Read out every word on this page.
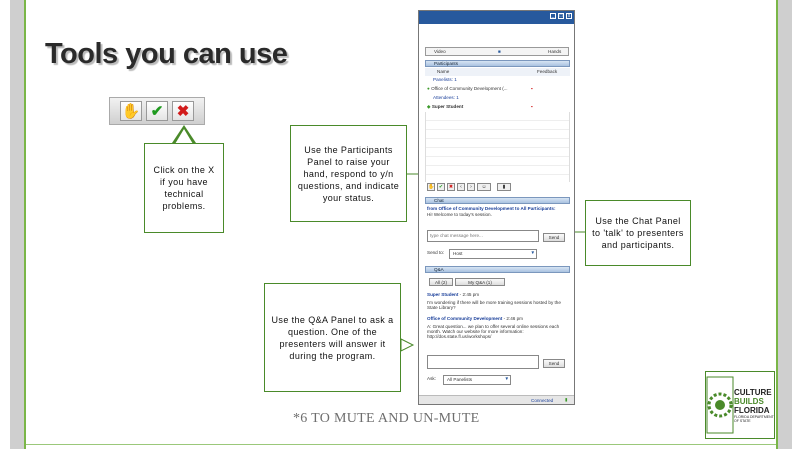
Tools you can use
✋ ✔ ✖
Click on the X if you have technical problems.
Use the Participants Panel to raise your hand, respond to y/n questions, and indicate your status.
Use the Chat Panel to 'talk' to presenters and participants.
Use the Q&A Panel to ask a question. One of the presenters will answer it during the program.
_	□	x
Video	■	Hands
Participants
Name	Feedback
Panelists: 1
● Office of Community Development (...	▪
Attendees: 1
◆ Super Student	▪
✋ ✔	✖	‹	›	☺	▮
Chat
from Office of Community Development to All Participants:
Hi! Welcome to today's session.
type chat message here...	Send
Send to:	Host	▼
Q&A
All (2)	My Q&A (1)
Super Student - 2:45 pm
I'm wondering if there will be more training sessions hosted by the State Library?
Office of Community Development - 2:46 pm
A: Great question... we plan to offer several online sessions each month. Watch our website for more information: http://dos.state.fl.us/workshops/
Send
Ask:	All Panelists	▼
Connected	▮
*6 TO MUTE AND UN-MUTE
CULTURE
BUILDS
FLORIDA
FLORIDA DEPARTMENT OF STATE
